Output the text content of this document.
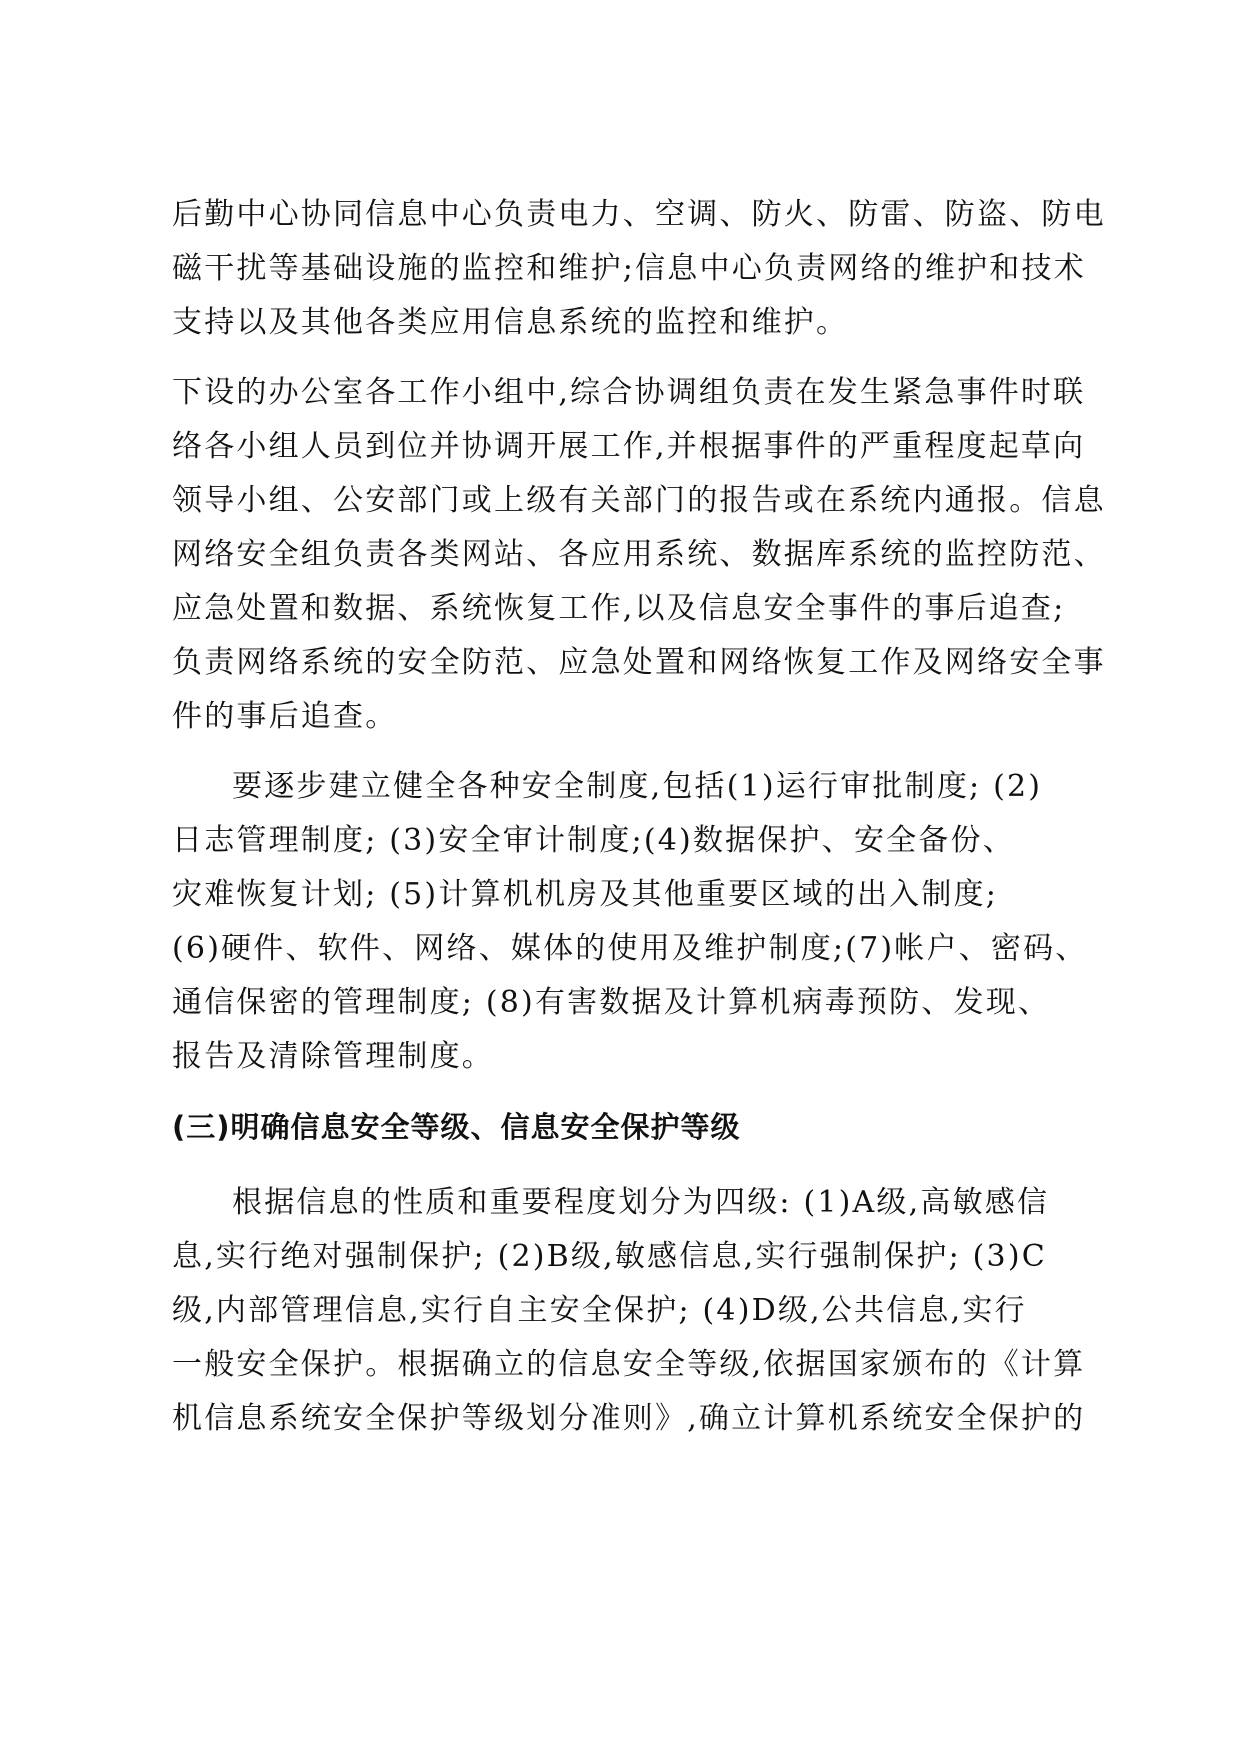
后勤中心协同信息中心负责电力、空调、防火、防雷、防盗、防电
磁干扰等基础设施的监控和维护;信息中心负责网络的维护和技术
支持以及其他各类应用信息系统的监控和维护。
下设的办公室各工作小组中,综合协调组负责在发生紧急事件时联
络各小组人员到位并协调开展工作,并根据事件的严重程度起草向
领导小组、公安部门或上级有关部门的报告或在系统内通报。信息
网络安全组负责各类网站、各应用系统、数据库系统的监控防范、
应急处置和数据、系统恢复工作,以及信息安全事件的事后追查;
负责网络系统的安全防范、应急处置和网络恢复工作及网络安全事
件的事后追查。
要逐步建立健全各种安全制度,包括(1)运行审批制度; (2)
日志管理制度; (3)安全审计制度;(4)数据保护、安全备份、
灾难恢复计划; (5)计算机机房及其他重要区域的出入制度;
(6)硬件、软件、网络、媒体的使用及维护制度;(7)帐户、密码、
通信保密的管理制度; (8)有害数据及计算机病毒预防、发现、
报告及清除管理制度。
(三)明确信息安全等级、信息安全保护等级
根据信息的性质和重要程度划分为四级: (1)A级,高敏感信
息,实行绝对强制保护; (2)B级,敏感信息,实行强制保护; (3)C
级,内部管理信息,实行自主安全保护; (4)D级,公共信息,实行
一般安全保护。根据确立的信息安全等级,依据国家颁布的《计算
机信息系统安全保护等级划分准则》,确立计算机系统安全保护的
